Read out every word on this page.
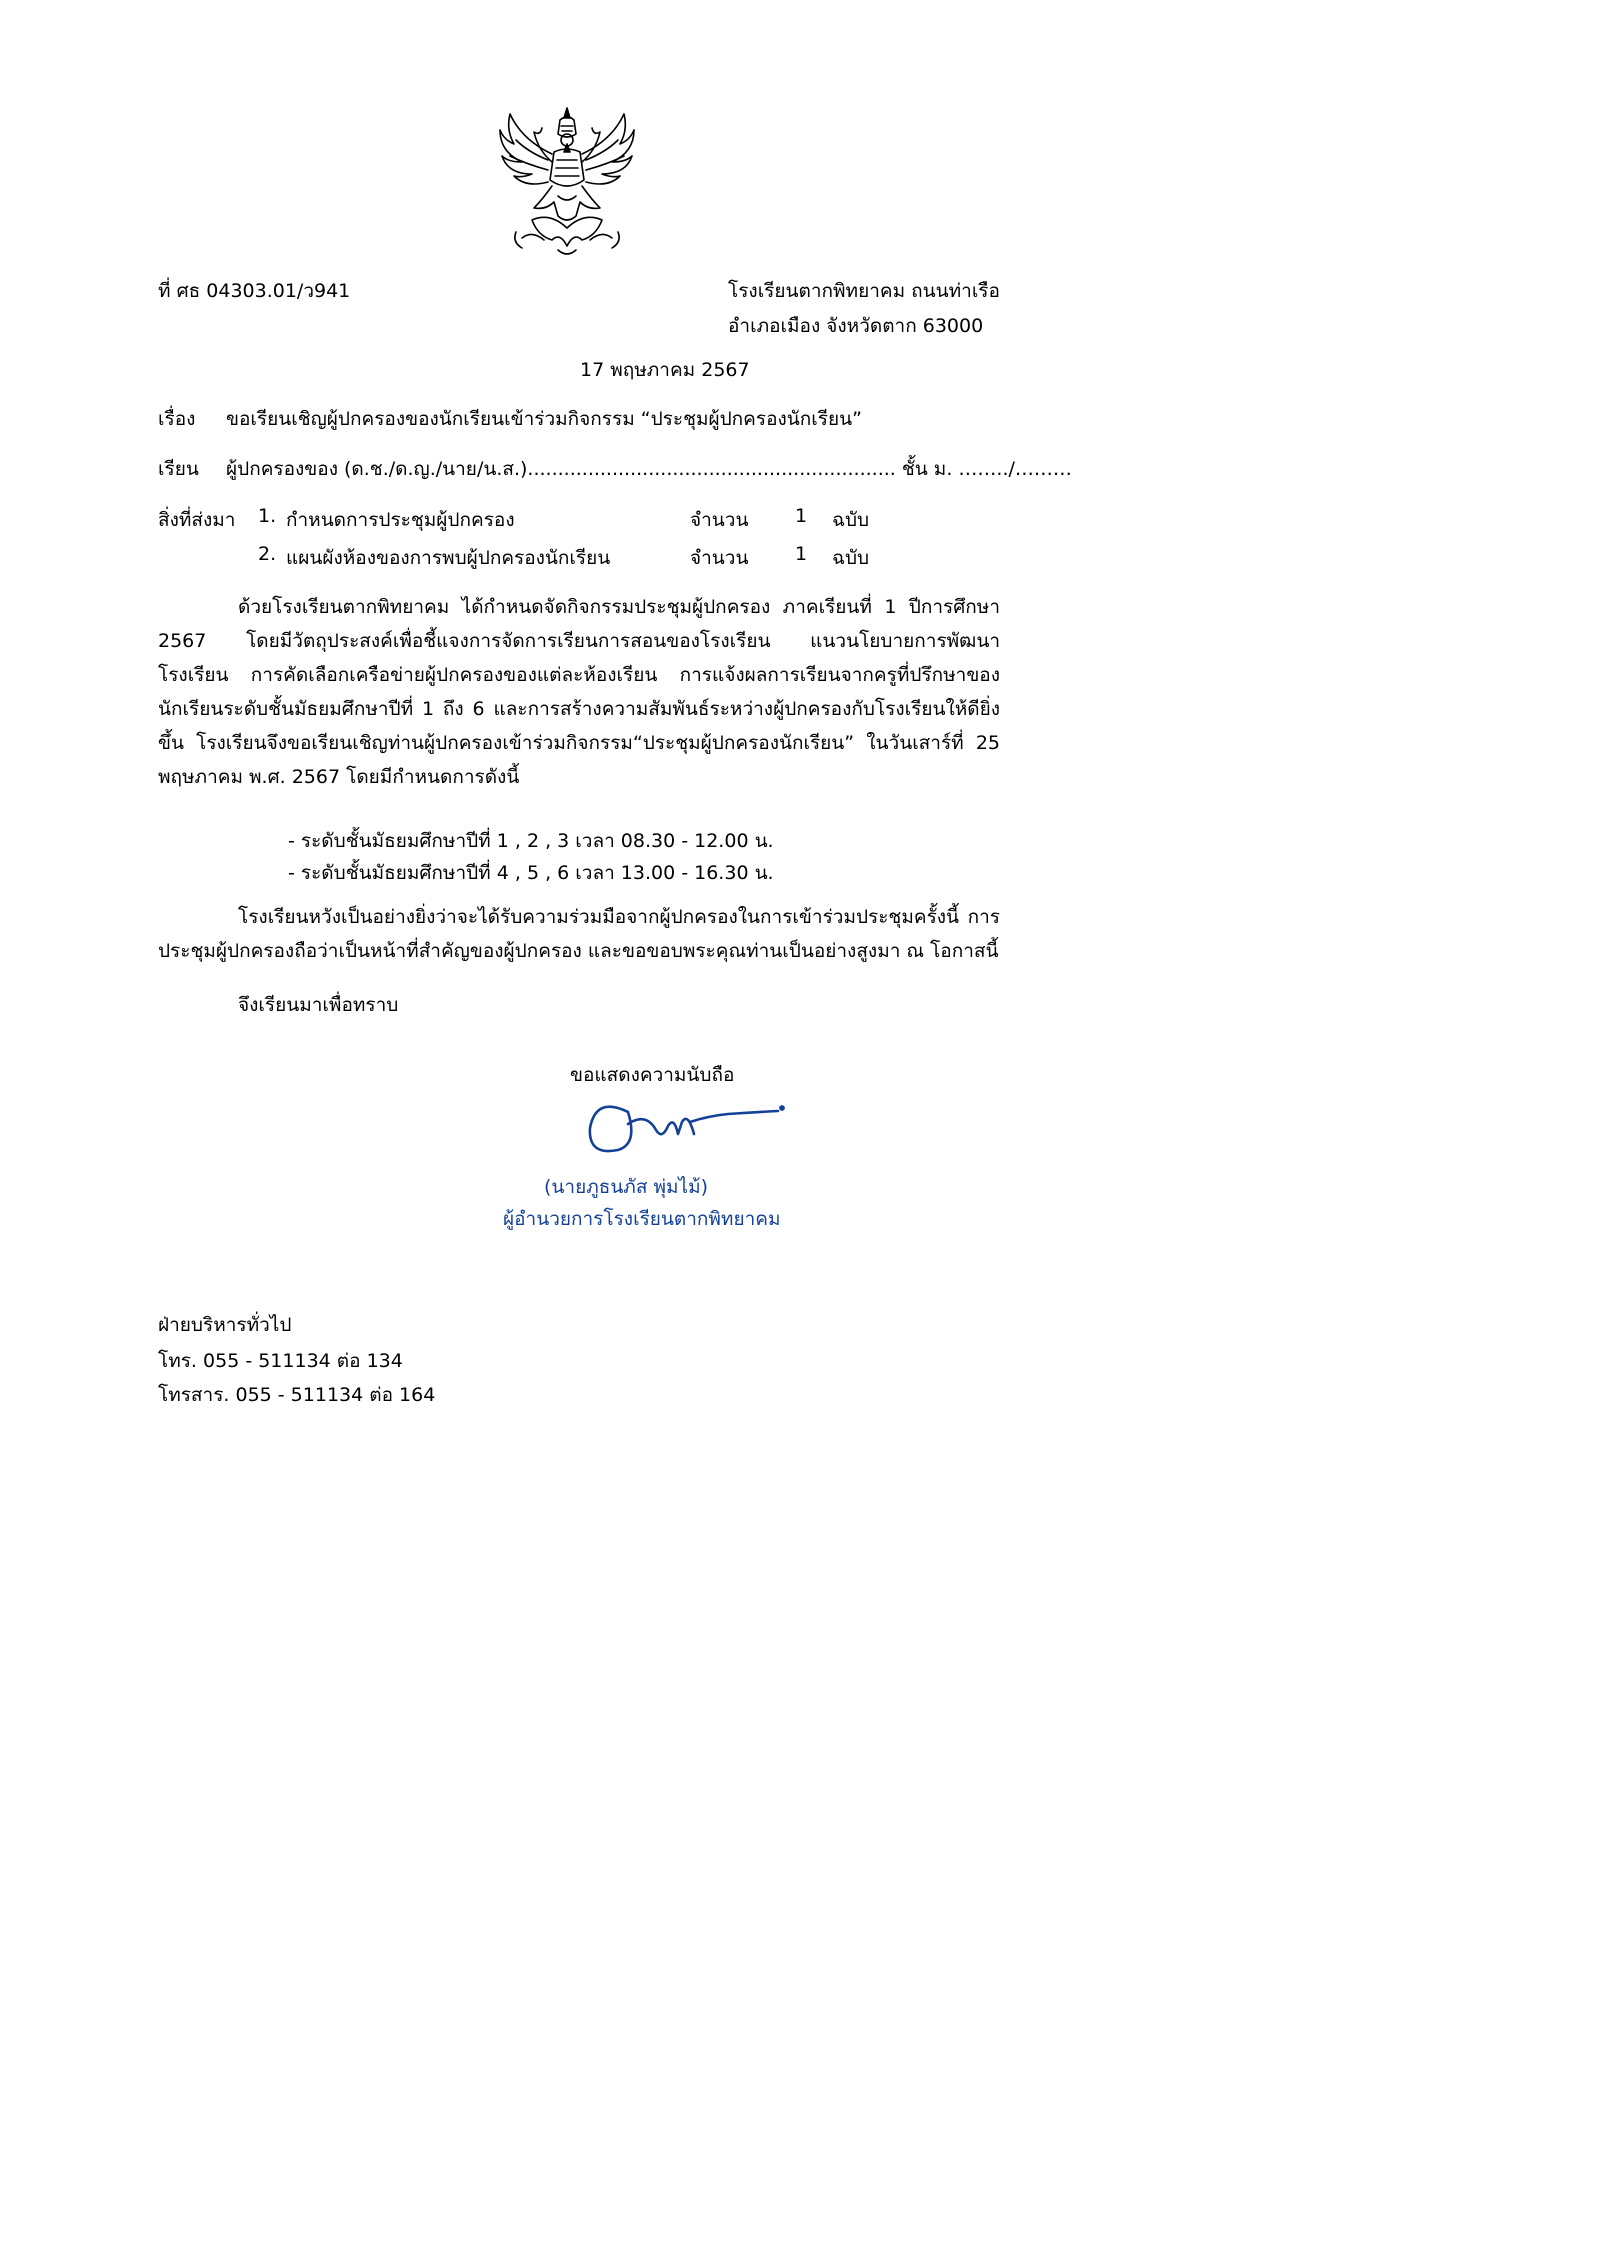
ที่ ศธ 04303.01/ว941	โรงเรียนตากพิทยาคม ถนนท่าเรือ
อำเภอเมือง จังหวัดตาก 63000
17 พฤษภาคม 2567
เรื่อง ขอเรียนเชิญผู้ปกครองของนักเรียนเข้าร่วมกิจกรรม “ประชุมผู้ปกครองนักเรียน”
เรียน ผู้ปกครองของ (ด.ช./ด.ญ./นาย/น.ส.)............................................................. ชั้น ม. ……../………
สิ่งที่ส่งมา 1. กำหนดการประชุมผู้ปกครอง	จำนวน 1 ฉบับ
2. แผนผังห้องของการพบผู้ปกครองนักเรียน	จำนวน 1 ฉบับ
ด้วยโรงเรียนตากพิทยาคม ได้กำหนดจัดกิจกรรมประชุมผู้ปกครอง ภาคเรียนที่ 1 ปีการศึกษา 2567 โดยมีวัตถุประสงค์เพื่อชี้แจงการจัดการเรียนการสอนของโรงเรียน แนวนโยบายการพัฒนาโรงเรียน การคัดเลือกเครือข่ายผู้ปกครองของแต่ละห้องเรียน การแจ้งผลการเรียนจากครูที่ปรึกษาของนักเรียนระดับชั้นมัธยมศึกษาปีที่ 1 ถึง 6 และการสร้างความสัมพันธ์ระหว่างผู้ปกครองกับโรงเรียนให้ดียิ่งขึ้น โรงเรียนจึงขอเรียนเชิญท่านผู้ปกครองเข้าร่วมกิจกรรม“ประชุมผู้ปกครองนักเรียน” ในวันเสาร์ที่ 25 พฤษภาคม พ.ศ. 2567 โดยมีกำหนดการดังนี้
- ระดับชั้นมัธยมศึกษาปีที่ 1 , 2 , 3 เวลา 08.30 - 12.00 น.
- ระดับชั้นมัธยมศึกษาปีที่ 4 , 5 , 6 เวลา 13.00 - 16.30 น.
โรงเรียนหวังเป็นอย่างยิ่งว่าจะได้รับความร่วมมือจากผู้ปกครองในการเข้าร่วมประชุมครั้งนี้ การประชุมผู้ปกครองถือว่าเป็นหน้าที่สำคัญของผู้ปกครอง และขอขอบพระคุณท่านเป็นอย่างสูงมา ณ โอกาสนี้
จึงเรียนมาเพื่อทราบ
ขอแสดงความนับถือ
(นายภูธนภัส พุ่มไม้)
ผู้อำนวยการโรงเรียนตากพิทยาคม
ฝ่ายบริหารทั่วไป
โทร. 055 - 511134 ต่อ 134
โทรสาร. 055 - 511134 ต่อ 164
